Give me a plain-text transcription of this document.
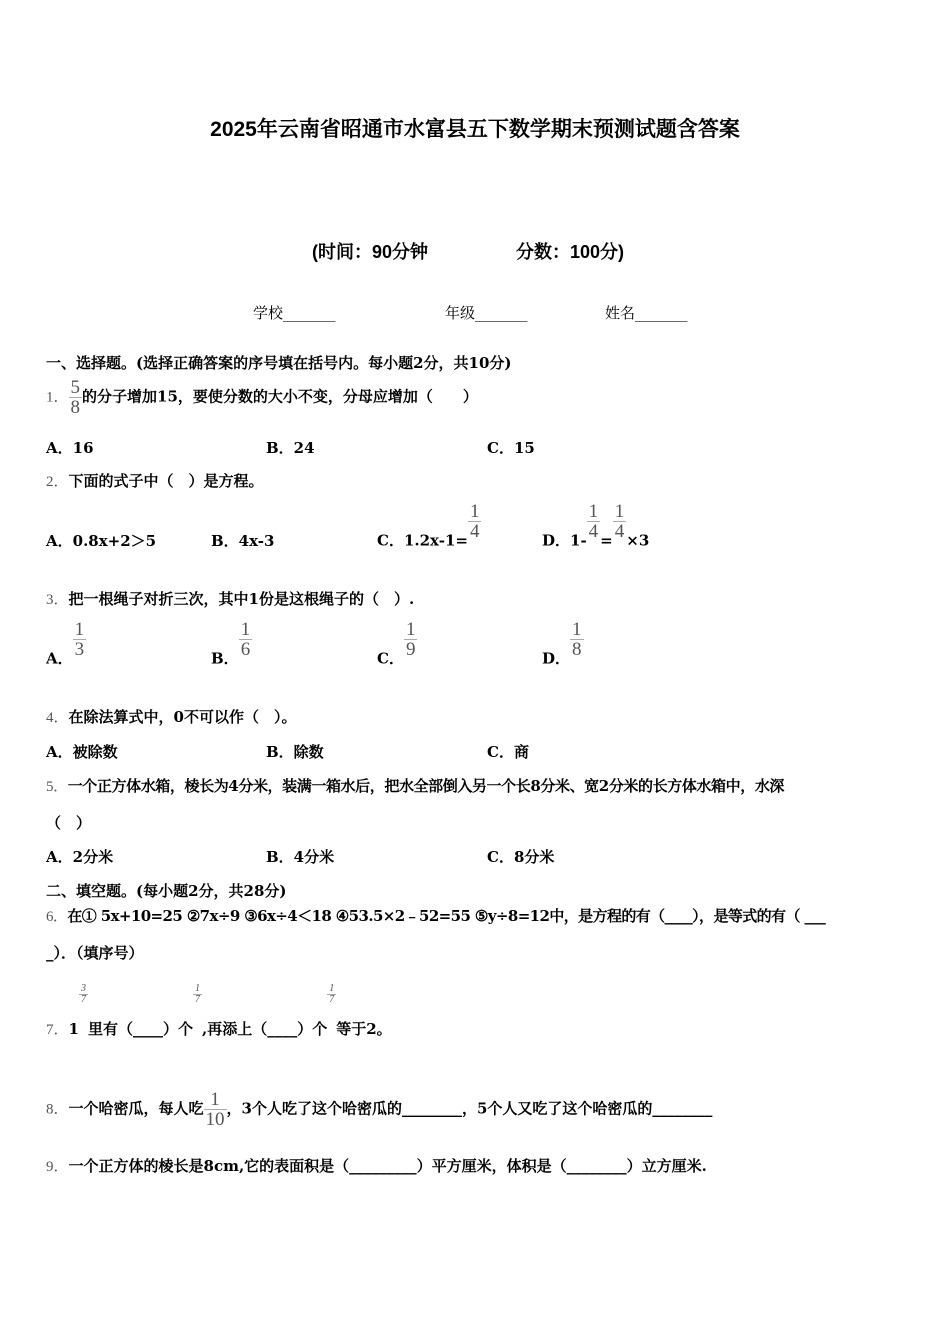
2025年云南省昭通市水富县五下数学期末预测试题含答案
(时间：90分钟	分数：100分)
学校_______	年级_______	姓名_______
一、选择题。(选择正确答案的序号填在括号内。每小题2分，共10分)
1． $\frac{5}{8}$ 的分子增加15，要使分数的大小不变，分母应增加（　　）
A．16	B．24	C．15
2．下面的式子中（　）是方程。
A．0.8x+2＞5	B．4x-3	C．$1.2x-1= \frac{1}{4}$	D．$1- \frac{1}{4} = \frac{1}{4} \times 3$
3．把一根绳子对折三次，其中1份是这根绳子的（　）.
A． $\frac{1}{3}$	B． $\frac{1}{6}$	C． $\frac{1}{9}$	D． $\frac{1}{8}$
4．在除法算式中，0不可以作（　）。
A．被除数	B．除数	C．商
5．一个正方体水箱，棱长为4分米，装满一箱水后，把水全部倒入另一个长8分米、宽2分米的长方体水箱中，水深
（　）
A．2分米	B．4分米	C．8分米
二、填空题。(每小题2分，共28分)
6．在① 5x+10=25 ②7x÷9 ③6x÷4＜18 ④53.5×2﹣52=55 ⑤y÷8=12中，是方程的有（____），是等式的有（ ___
_）．（填序号）
7．1
$\frac{3}{7}$
里有（____）个
$\frac{1}{7}$
,再添上（____）个
$\frac{1}{7}$
等于2。
8．一个哈密瓜，每人吃 $\frac{1}{10}$ ，3个人吃了这个哈密瓜的________，5个人又吃了这个哈密瓜的________
9．一个正方体的棱长是8cm,它的表面积是（_________）平方厘米，体积是（________）立方厘米.
